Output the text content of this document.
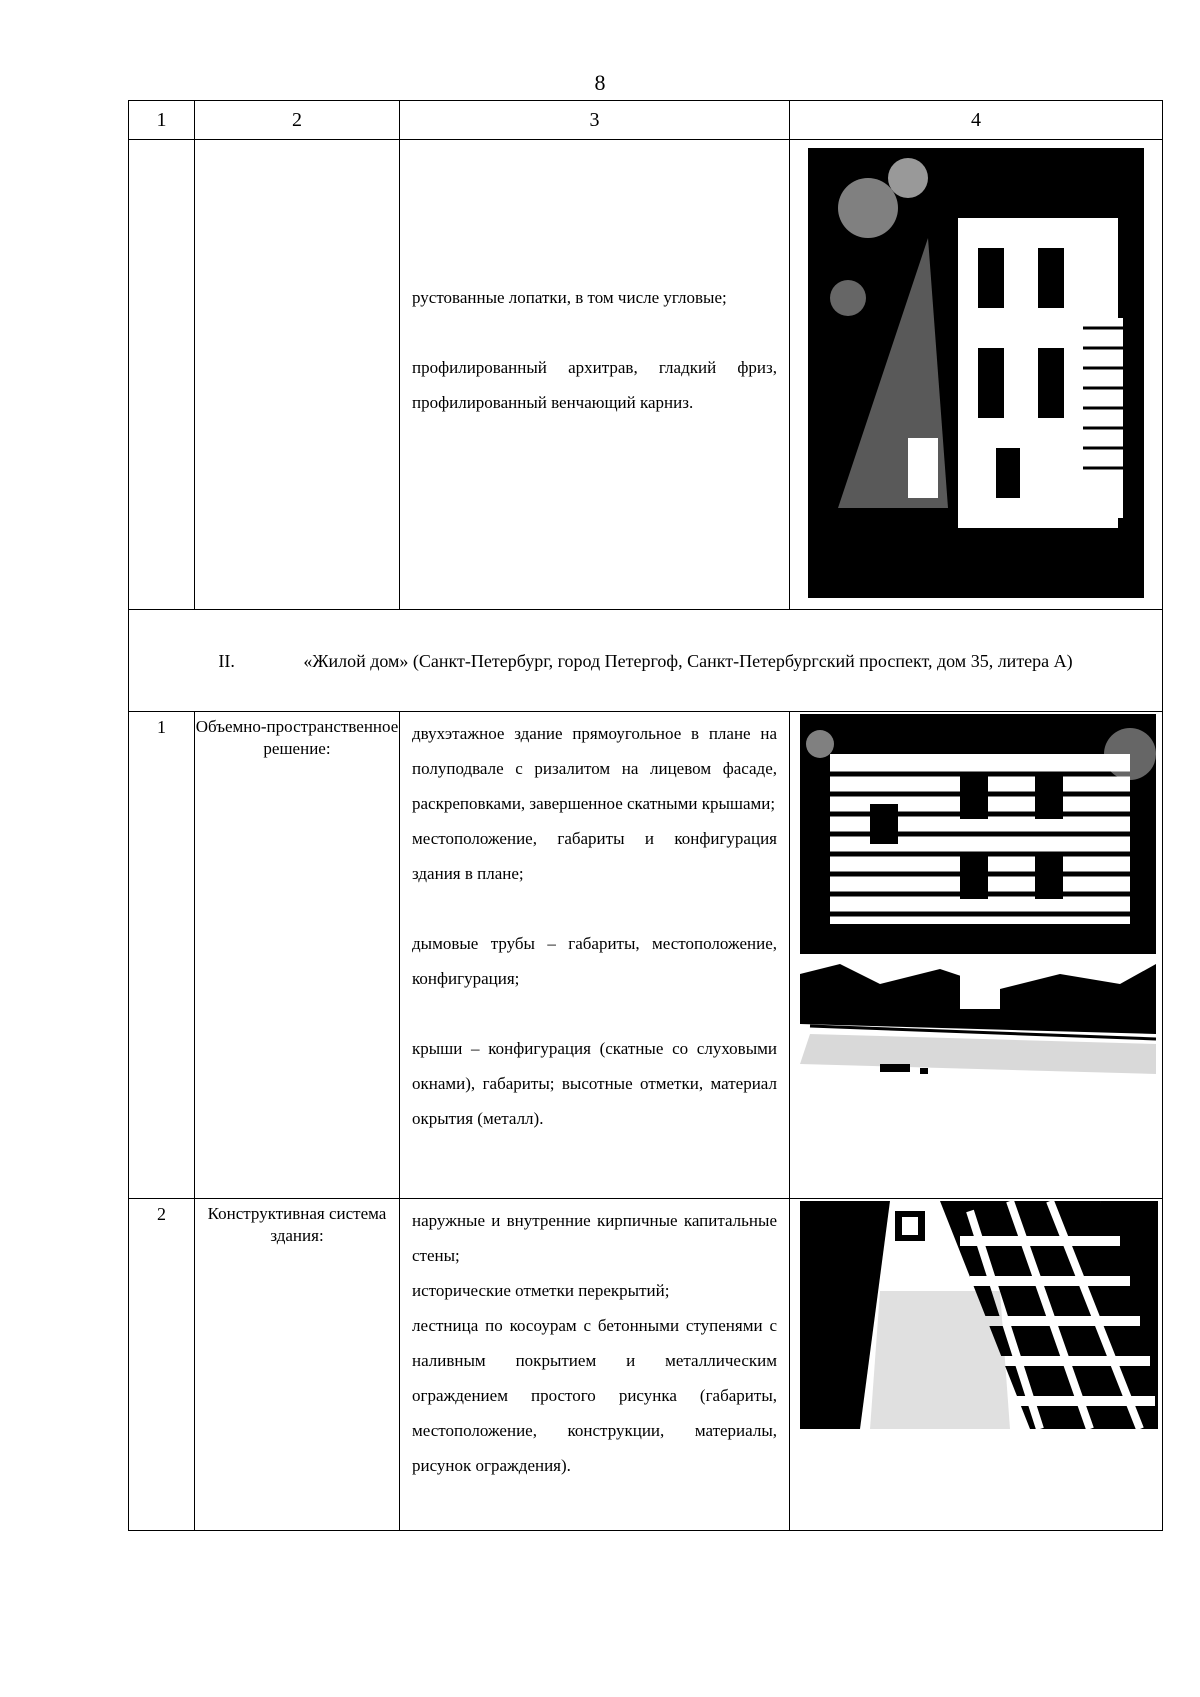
8
1	2	3	4

		рустованные лопатки, в том числе угловые;

профилированный архитрав, гладкий фриз, профилированный венчающий карниз.

II. «Жилой дом» (Санкт-Петербург, город Петергоф, Санкт-Петербургский проспект, дом 35, литера А)			
1	Объемно-пространственное решение:	двухэтажное здание прямоугольное в плане на полуподвале с ризалитом на лицевом фасаде, раскреповками, завершенное скатными крышами;

местоположение, габариты и конфигурация здания в плане;

дымовые трубы – габариты, местоположение, конфигурация;

крыши – конфигурация (скатные со слуховыми окнами), габариты; высотные отметки, материал окрытия (металл).

2	Конструктивная система здания:	наружные и внутренние кирпичные капитальные стены;

исторические отметки перекрытий;

лестница по косоурам с бетонными ступенями с наливным покрытием и металлическим ограждением простого рисунка (габариты, местоположение, конструкции, материалы, рисунок ограждения).
